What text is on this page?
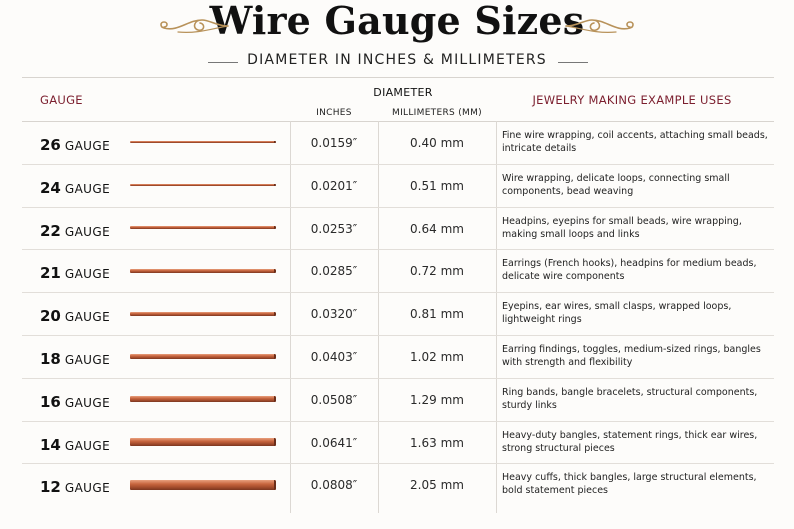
Wire Gauge Sizes
DIAMETER IN INCHES & MILLIMETERS
GAUGE
DIAMETER
INCHES	MILLIMETERS (MM)
JEWELRY MAKING EXAMPLE USES
26 GAUGE	0.0159″	0.40 mm
Fine wire wrapping, coil accents, attaching small beads, intricate details
24 GAUGE	0.0201″	0.51 mm
Wire wrapping, delicate loops, connecting small components, bead weaving
22 GAUGE	0.0253″	0.64 mm
Headpins, eyepins for small beads, wire wrapping, making small loops and links
21 GAUGE	0.0285″	0.72 mm
Earrings (French hooks), headpins for medium beads, delicate wire components
20 GAUGE	0.0320″	0.81 mm
Eyepins, ear wires, small clasps, wrapped loops, lightweight rings
18 GAUGE	0.0403″	1.02 mm
Earring findings, toggles, medium-sized rings, bangles with strength and flexibility
16 GAUGE	0.0508″	1.29 mm
Ring bands, bangle bracelets, structural components, sturdy links
14 GAUGE	0.0641″	1.63 mm
Heavy-duty bangles, statement rings, thick ear wires, strong structural pieces
12 GAUGE	0.0808″	2.05 mm
Heavy cuffs, thick bangles, large structural elements, bold statement pieces
